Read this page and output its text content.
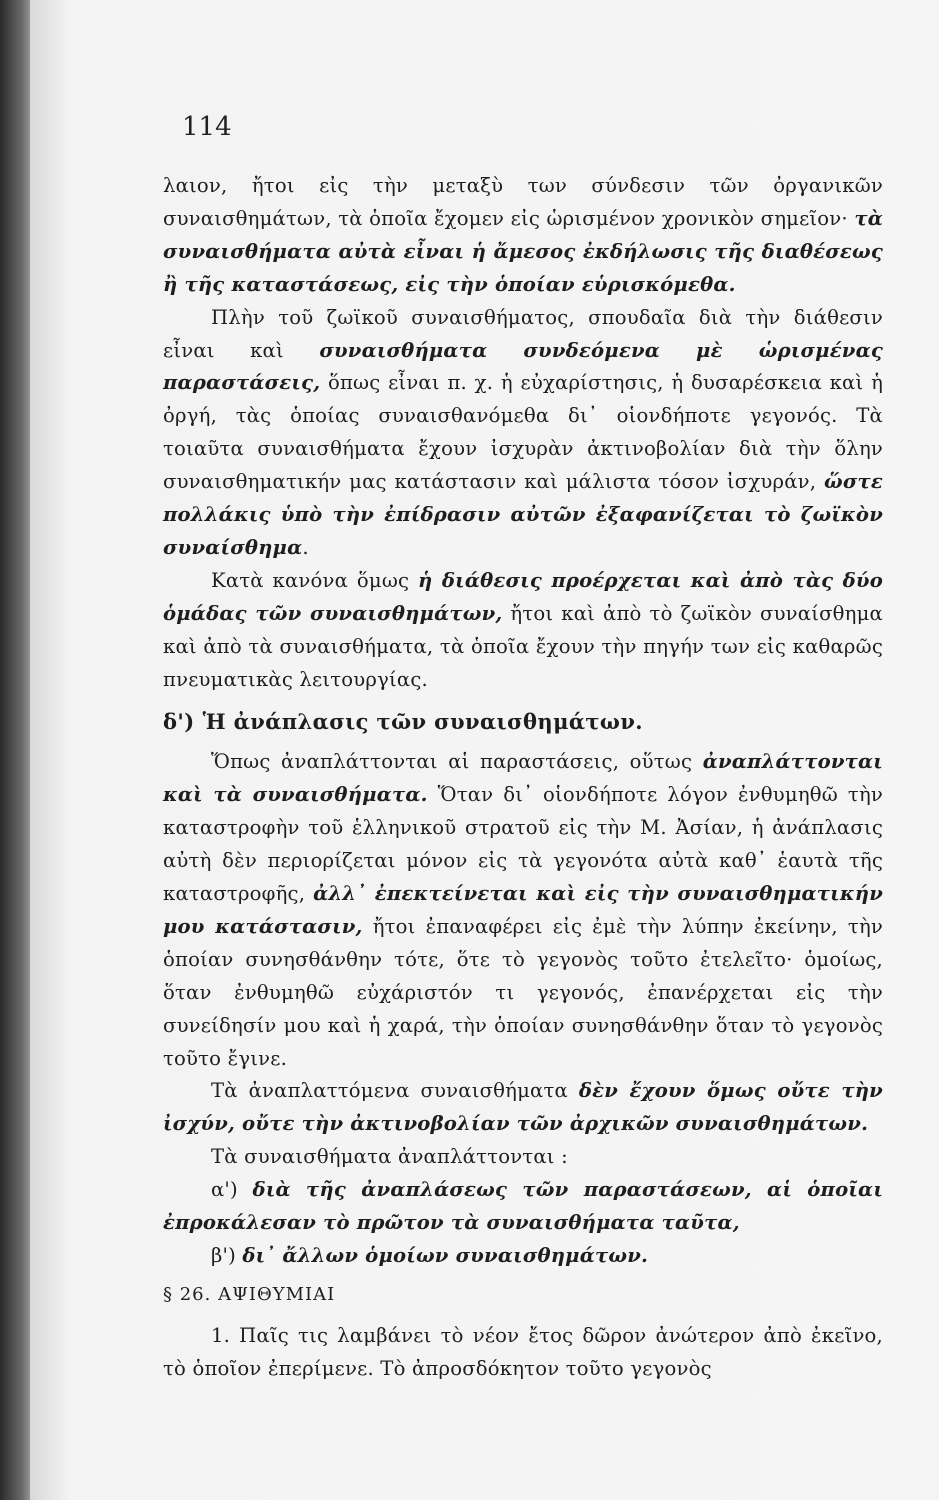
114

λαιον, ἤτοι εἰς τὴν μεταξὺ των σύνδεσιν τῶν ὀργανικῶν συναισθημάτων, τὰ ὁποῖα ἔχομεν εἰς ὡρισμένον χρονικὸν σημεῖον· τὰ συναισθήματα αὐτὰ εἶναι ἡ ἄμεσος ἐκδήλωσις τῆς διαθέσεως ἢ τῆς καταστάσεως, εἰς τὴν ὁποίαν εὑρισκόμεθα.

Πλὴν τοῦ ζωϊκοῦ συναισθήματος, σπουδαῖα διὰ τὴν διάθεσιν εἶναι καὶ συναισθήματα συνδεόμενα μὲ ὡρισμένας παραστάσεις, ὅπως εἶναι π. χ. ἡ εὐχαρίστησις, ἡ δυσαρέσκεια καὶ ἡ ὀργή, τὰς ὁποίας συναισθανόμεθα δι᾽ οἱονδήποτε γεγονός. Τὰ τοιαῦτα συναισθήματα ἔχουν ἰσχυρὰν ἀκτινοβολίαν διὰ τὴν ὅλην συναισθηματικήν μας κατάστασιν καὶ μάλιστα τόσον ἰσχυράν, ὥστε πολλάκις ὑπὸ τὴν ἐπίδρασιν αὐτῶν ἐξαφανίζεται τὸ ζωϊκὸν συναίσθημα.

Κατὰ κανόνα ὅμως ἡ διάθεσις προέρχεται καὶ ἀπὸ τὰς δύο ὁμάδας τῶν συναισθημάτων, ἤτοι καὶ ἀπὸ τὸ ζωϊκὸν συναίσθημα καὶ ἀπὸ τὰ συναισθήματα, τὰ ὁποῖα ἔχουν τὴν πηγήν των εἰς καθαρῶς πνευματικὰς λειτουργίας.

δ') Ἡ ἀνάπλασις τῶν συναισθημάτων.

Ὅπως ἀναπλάττονται αἱ παραστάσεις, οὕτως ἀναπλάττονται καὶ τὰ συναισθήματα. Ὅταν δι᾽ οἱονδήποτε λόγον ἐνθυμηθῶ τὴν καταστροφὴν τοῦ ἑλληνικοῦ στρατοῦ εἰς τὴν Μ. Ἀσίαν, ἡ ἀνάπλασις αὐτὴ δὲν περιορίζεται μόνον εἰς τὰ γεγονότα αὐτὰ καθ᾽ ἑαυτὰ τῆς καταστροφῆς, ἀλλ᾽ ἐπεκτείνεται καὶ εἰς τὴν συναισθηματικήν μου κατάστασιν, ἤτοι ἐπαναφέρει εἰς ἐμὲ τὴν λύπην ἐκείνην, τὴν ὁποίαν συνησθάνθην τότε, ὅτε τὸ γεγονὸς τοῦτο ἐτελεῖτο· ὁμοίως, ὅταν ἐνθυμηθῶ εὐχάριστόν τι γεγονός, ἐπανέρχεται εἰς τὴν συνείδησίν μου καὶ ἡ χαρά, τὴν ὁποίαν συνησθάνθην ὅταν τὸ γεγονὸς τοῦτο ἔγινε.

Τὰ ἀναπλαττόμενα συναισθήματα δὲν ἔχουν ὅμως οὔτε τὴν ἰσχύν, οὔτε τὴν ἀκτινοβολίαν τῶν ἀρχικῶν συναισθημάτων.

Τὰ συναισθήματα ἀναπλάττονται :

α') διὰ τῆς ἀναπλάσεως τῶν παραστάσεων, αἱ ὁποῖαι ἐπροκάλεσαν τὸ πρῶτον τὰ συναισθήματα ταῦτα,

β') δι᾽ ἄλλων ὁμοίων συναισθημάτων.

§ 26. ΑΨΙΘΥΜΙΑΙ

1. Παῖς τις λαμβάνει τὸ νέον ἔτος δῶρον ἀνώτερον ἀπὸ ἐκεῖνο, τὸ ὁποῖον ἐπερίμενε. Τὸ ἀπροσδόκητον τοῦτο γεγονὸς
